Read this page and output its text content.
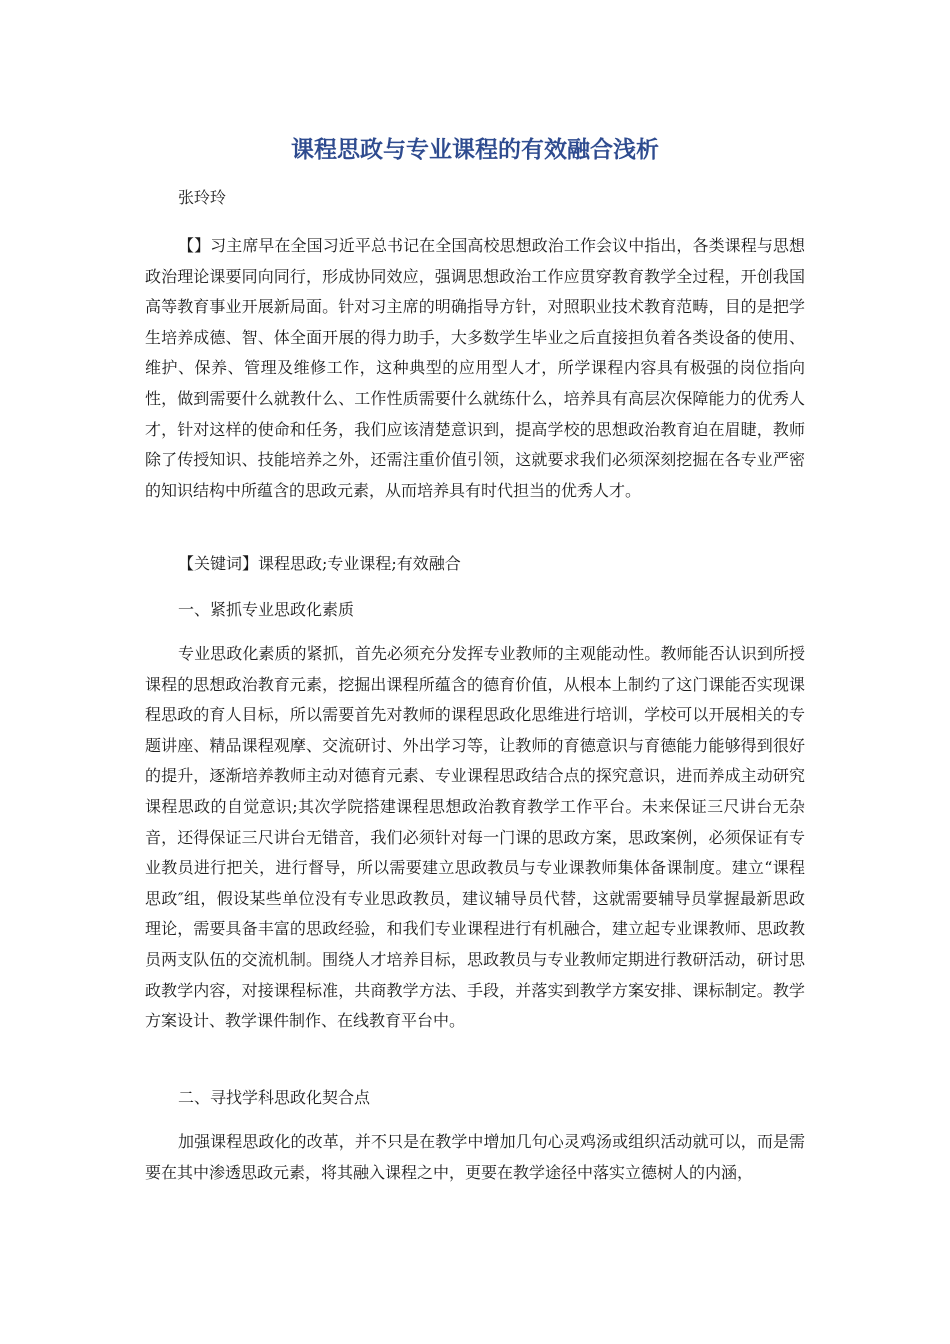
课程思政与专业课程的有效融合浅析

张玲玲

【】习主席早在全国习近平总书记在全国高校思想政治工作会议中指出，各类课程与思想政治理论课要同向同行，形成协同效应，强调思想政治工作应贯穿教育教学全过程，开创我国高等教育事业开展新局面。针对习主席的明确指导方针，对照职业技术教育范畴，目的是把学生培养成德、智、体全面开展的得力助手，大多数学生毕业之后直接担负着各类设备的使用、维护、保养、管理及维修工作，这种典型的应用型人才，所学课程内容具有极强的岗位指向性，做到需要什么就教什么、工作性质需要什么就练什么，培养具有高层次保障能力的优秀人才，针对这样的使命和任务，我们应该清楚意识到，提高学校的思想政治教育迫在眉睫，教师除了传授知识、技能培养之外，还需注重价值引领，这就要求我们必须深刻挖掘在各专业严密的知识结构中所蕴含的思政元素，从而培养具有时代担当的优秀人才。

【关键词】课程思政;专业课程;有效融合

一、紧抓专业思政化素质

专业思政化素质的紧抓，首先必须充分发挥专业教师的主观能动性。教师能否认识到所授课程的思想政治教育元素，挖掘出课程所蕴含的德育价值，从根本上制约了这门课能否实现课程思政的育人目标，所以需要首先对教师的课程思政化思维进行培训，学校可以开展相关的专题讲座、精品课程观摩、交流研讨、外出学习等，让教师的育德意识与育德能力能够得到很好的提升，逐渐培养教师主动对德育元素、专业课程思政结合点的探究意识，进而养成主动研究课程思政的自觉意识;其次学院搭建课程思想政治教育教学工作平台。未来保证三尺讲台无杂音，还得保证三尺讲台无错音，我们必须针对每一门课的思政方案，思政案例，必须保证有专业教员进行把关，进行督导，所以需要建立思政教员与专业课教师集体备课制度。建立“课程思政″组，假设某些单位没有专业思政教员，建议辅导员代替，这就需要辅导员掌握最新思政理论，需要具备丰富的思政经验，和我们专业课程进行有机融合，建立起专业课教师、思政教员两支队伍的交流机制。围绕人才培养目标，思政教员与专业教师定期进行教研活动，研讨思政教学内容，对接课程标准，共商教学方法、手段，并落实到教学方案安排、课标制定。教学方案设计、教学课件制作、在线教育平台中。

二、寻找学科思政化契合点

加强课程思政化的改革，并不只是在教学中增加几句心灵鸡汤或组织活动就可以，而是需要在其中渗透思政元素，将其融入课程之中，更要在教学途径中落实立德树人的内涵，
